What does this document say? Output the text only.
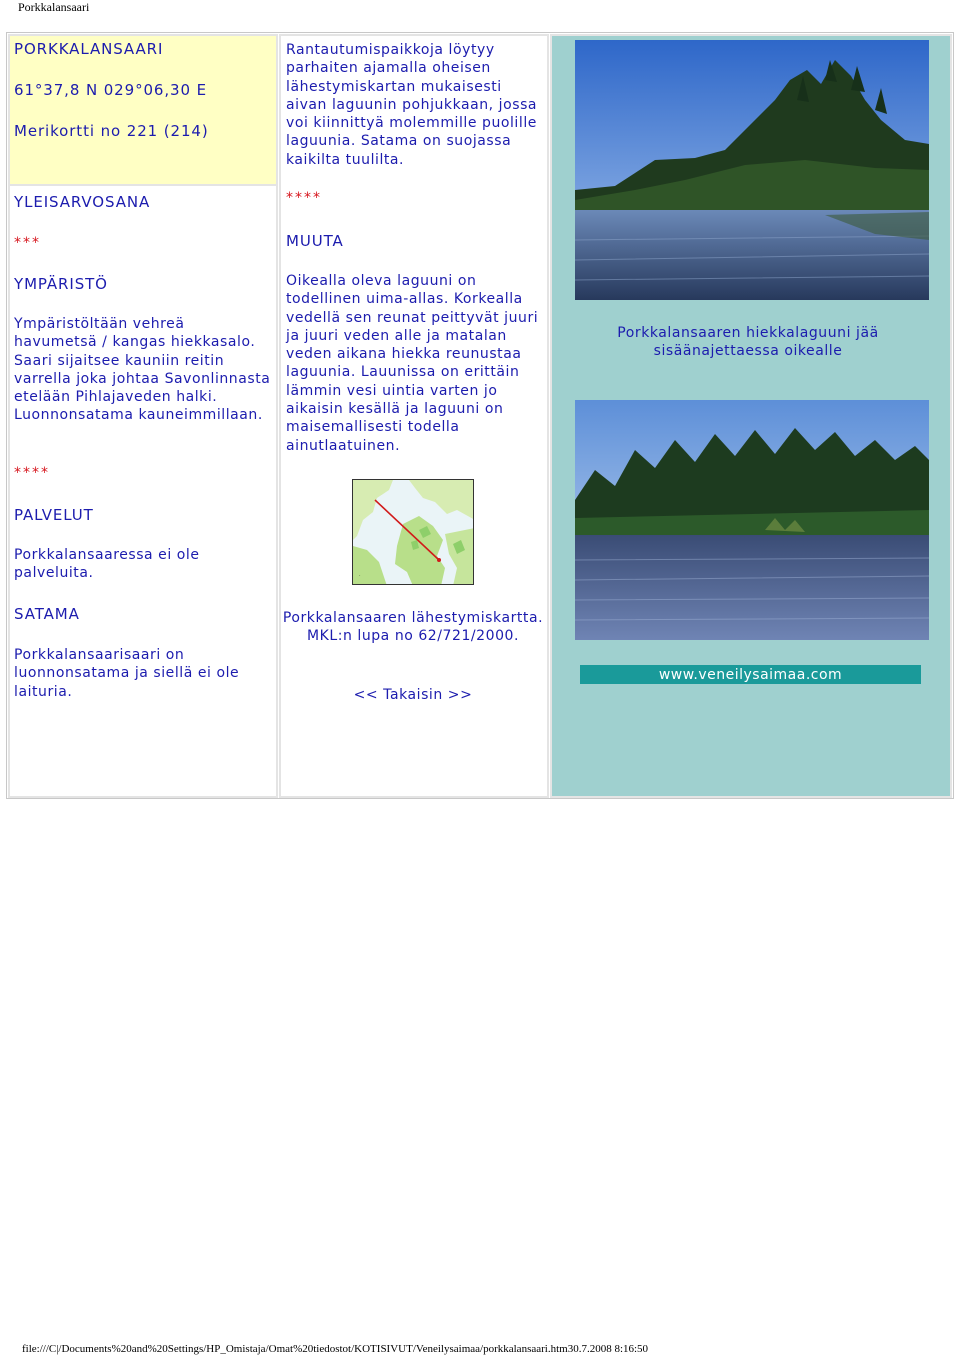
Porkkalansaari
PORKKALANSAARI
61°37,8 N 029°06,30 E
Merikortti no 221 (214)
YLEISARVOSANA
***
YMPÄRISTÖ
Ympäristöltään vehreä havumetsä / kangas hiekkasalo. Saari sijaitsee kauniin reitin varrella joka johtaa Savonlinnasta etelään Pihlajaveden halki. Luonnonsatama kauneimmillaan.
****
PALVELUT
Porkkalansaaressa ei ole palveluita.
SATAMA
Porkkalansaarisaari on luonnonsatama ja siellä ei ole laituria.
Rantautumispaikkoja löytyy parhaiten ajamalla oheisen lähestymiskartan mukaisesti aivan laguunin pohjukkaan, jossa voi kiinnittyä molemmille puolille laguunia. Satama on suojassa kaikilta tuulilta.
****
MUUTA
Oikealla oleva laguuni on todellinen uima-allas. Korkealla vedellä sen reunat peittyvät juuri ja juuri veden alle ja matalan veden aikana hiekka reunustaa laguunia. Lauunissa on erittäin lämmin vesi uintia varten jo aikaisin kesällä ja laguuni on maisemallisesti todella ainutlaatuinen.
.
Porkkalansaaren lähestymiskartta. MKL:n lupa no 62/721/2000.
<< Takaisin >>
Porkkalansaaren hiekkalaguuni jää sisäänajettaessa oikealle
www.veneilysaimaa.com
file:///C|/Documents%20and%20Settings/HP_Omistaja/Omat%20tiedostot/KOTISIVUT/Veneilysaimaa/porkkalansaari.htm30.7.2008 8:16:50
